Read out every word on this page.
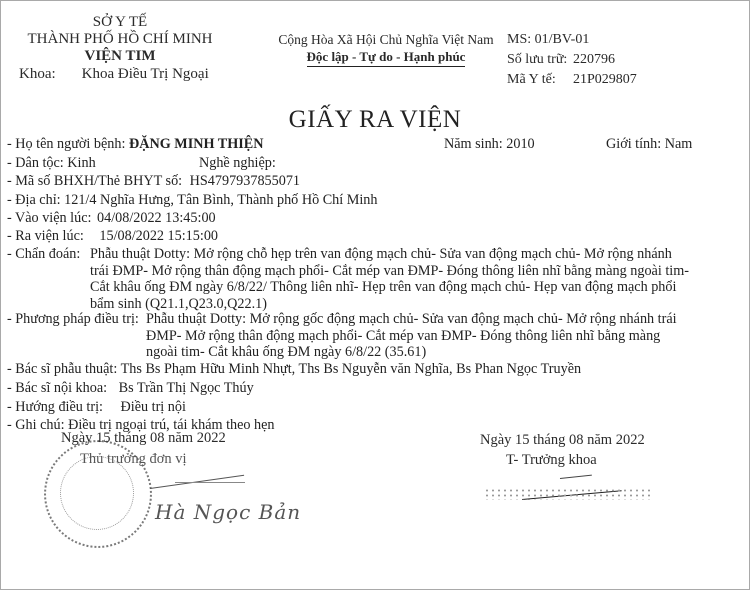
SỞ Y TẾ
THÀNH PHỐ HỒ CHÍ MINH
VIỆN TIM
Khoa: Khoa Điều Trị Ngoại
Cộng Hòa Xã Hội Chủ Nghĩa Việt Nam
Độc lập - Tự do - Hạnh phúc
MS: 01/BV-01
Số lưu trữ: 220796
Mã Y tế: 21P029807
GIẤY RA VIỆN
- Họ tên người bệnh: ĐẶNG MINH THIỆN	Năm sinh: 2010	Giới tính: Nam
- Dân tộc: Kinh	Nghề nghiệp:
- Mã số BHXH/Thẻ BHYT số: HS4797937855071
- Địa chỉ: 121/4 Nghĩa Hưng, Tân Bình, Thành phố Hồ Chí Minh
- Vào viện lúc: 04/08/2022 13:45:00
- Ra viện lúc: 15/08/2022 15:15:00
- Chẩn đoán: Phẫu thuật Dotty: Mở rộng chỗ hẹp trên van động mạch chủ- Sửa van động mạch chủ- Mở rộng nhánh
trái ĐMP- Mở rộng thân động mạch phổi- Cắt mép van ĐMP- Đóng thông liên nhĩ bằng màng ngoài tim-
Cắt khâu ống ĐM ngày 6/8/22/ Thông liên nhĩ- Hẹp trên van động mạch chủ- Hẹp van động mạch phổi
bẩm sinh (Q21.1,Q23.0,Q22.1)
- Phương pháp điều trị: Phẫu thuật Dotty: Mở rộng gốc động mạch chủ- Sửa van động mạch chủ- Mở rộng nhánh trái
ĐMP- Mở rộng thân động mạch phổi- Cắt mép van ĐMP- Đóng thông liên nhĩ bằng màng
ngoài tim- Cắt khâu ống ĐM ngày 6/8/22 (35.61)
- Bác sĩ phẫu thuật: Ths Bs Phạm Hữu Minh Nhựt, Ths Bs Nguyễn văn Nghĩa, Bs Phan Ngọc Truyền
- Bác sĩ nội khoa: Bs Trần Thị Ngọc Thúy
- Hướng điều trị: Điều trị nội
- Ghi chú: Điều trị ngoại trú, tái khám theo hẹn
Ngày 15 tháng 08 năm 2022
Thủ trưởng đơn vị
Hà Ngọc Bản
Ngày 15 tháng 08 năm 2022
T- Trưởng khoa
